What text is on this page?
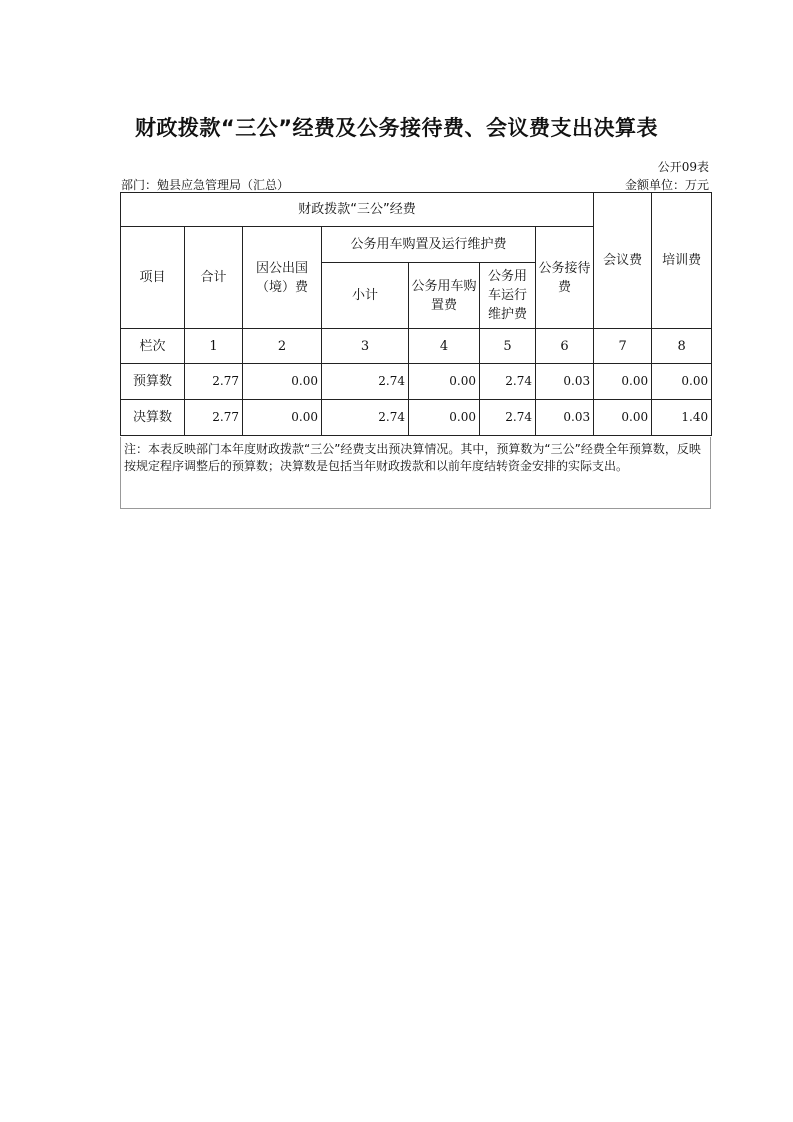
财政拨款“三公”经费及公务接待费、会议费支出决算表
公开09表
部门：勉县应急管理局（汇总）	金额单位：万元
财政拨款“三公”经费							会议费	培训费
项目	合计	因公出国（境）费	公务用车购置及运行维护费			公务接待费		
			小计	公务用车购置费	公务用车运行维护费			
栏次	1	2	3	4	5	6	7	8
预算数	2.77	0.00	2.74	0.00	2.74	0.03	0.00	0.00
决算数	2.77	0.00	2.74	0.00	2.74	0.03	0.00	1.40
注：本表反映部门本年度财政拨款“三公”经费支出预决算情况。其中，预算数为“三公”经费全年预算数，反映按规定程序调整后的预算数；决算数是包括当年财政拨款和以前年度结转资金安排的实际支出。
